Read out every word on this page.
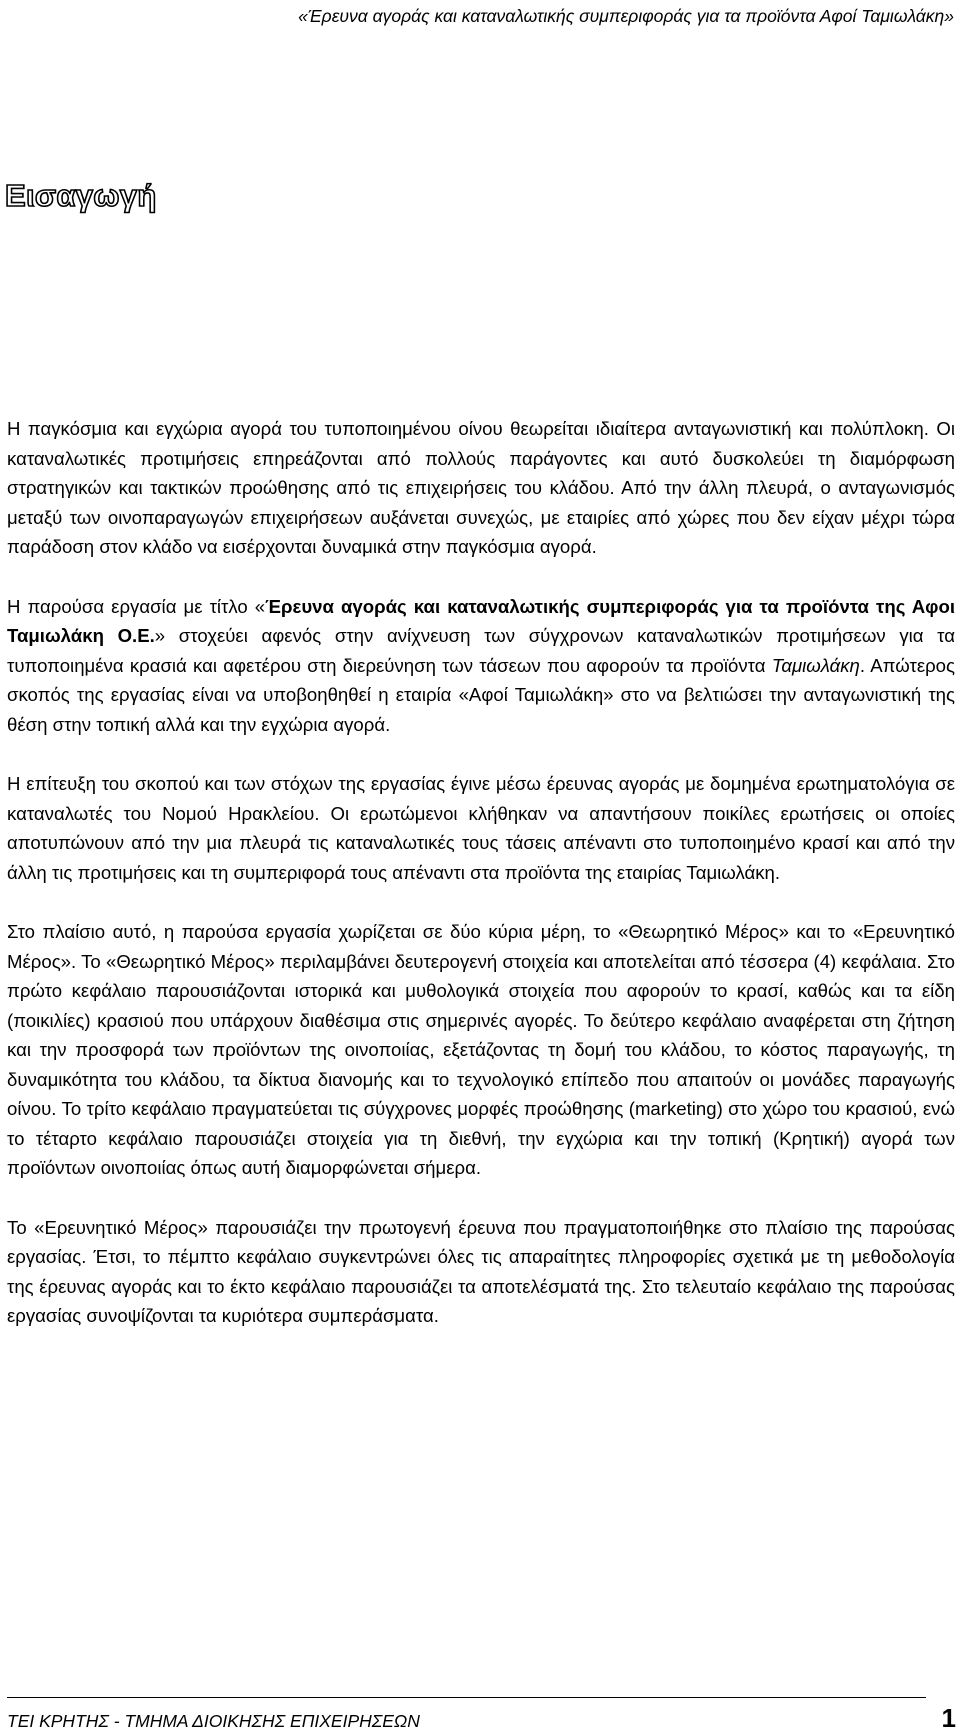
«Έρευνα αγοράς και καταναλωτικής συμπεριφοράς για τα προϊόντα Αφοί Ταμιωλάκη»
Εισαγωγή

Η παγκόσμια και εγχώρια αγορά του τυποποιημένου οίνου θεωρείται ιδιαίτερα ανταγωνιστική και πολύπλοκη. Οι καταναλωτικές προτιμήσεις επηρεάζονται από πολλούς παράγοντες και αυτό δυσκολεύει τη διαμόρφωση στρατηγικών και τακτικών προώθησης από τις επιχειρήσεις του κλάδου. Από την άλλη πλευρά, ο ανταγωνισμός μεταξύ των οινοπαραγωγών επιχειρήσεων αυξάνεται συνεχώς, με εταιρίες από χώρες που δεν είχαν μέχρι τώρα παράδοση στον κλάδο να εισέρχονται δυναμικά στην παγκόσμια αγορά.

Η παρούσα εργασία με τίτλο «Έρευνα αγοράς και καταναλωτικής συμπεριφοράς για τα προϊόντα της Αφοι Ταμιωλάκη Ο.Ε.» στοχεύει αφενός στην ανίχνευση των σύγχρονων καταναλωτικών προτιμήσεων για τα τυποποιημένα κρασιά και αφετέρου στη διερεύνηση των τάσεων που αφορούν τα προϊόντα Ταμιωλάκη. Απώτερος σκοπός της εργασίας είναι να υποβοηθηθεί η εταιρία «Αφοί Ταμιωλάκη» στο να βελτιώσει την ανταγωνιστική της θέση στην τοπική αλλά και την εγχώρια αγορά.

Η επίτευξη του σκοπού και των στόχων της εργασίας έγινε μέσω έρευνας αγοράς με δομημένα ερωτηματολόγια σε καταναλωτές του Νομού Ηρακλείου. Οι ερωτώμενοι κλήθηκαν να απαντήσουν ποικίλες ερωτήσεις οι οποίες αποτυπώνουν από την μια πλευρά τις καταναλωτικές τους τάσεις απέναντι στο τυποποιημένο κρασί και από την άλλη τις προτιμήσεις και τη συμπεριφορά τους απέναντι στα προϊόντα της εταιρίας Ταμιωλάκη.

Στο πλαίσιο αυτό, η παρούσα εργασία χωρίζεται σε δύο κύρια μέρη, το «Θεωρητικό Μέρος» και το «Ερευνητικό Μέρος». Το «Θεωρητικό Μέρος» περιλαμβάνει δευτερογενή στοιχεία και αποτελείται από τέσσερα (4) κεφάλαια. Στο πρώτο κεφάλαιο παρουσιάζονται ιστορικά και μυθολογικά στοιχεία που αφορούν το κρασί, καθώς και τα είδη (ποικιλίες) κρασιού που υπάρχουν διαθέσιμα στις σημερινές αγορές. Το δεύτερο κεφάλαιο αναφέρεται στη ζήτηση και την προσφορά των προϊόντων της οινοποιίας, εξετάζοντας τη δομή του κλάδου, το κόστος παραγωγής, τη δυναμικότητα του κλάδου, τα δίκτυα διανομής και το τεχνολογικό επίπεδο που απαιτούν οι μονάδες παραγωγής οίνου. Το τρίτο κεφάλαιο πραγματεύεται τις σύγχρονες μορφές προώθησης (marketing) στο χώρο του κρασιού, ενώ το τέταρτο κεφάλαιο παρουσιάζει στοιχεία για τη διεθνή, την εγχώρια και την τοπική (Κρητική) αγορά των προϊόντων οινοποιίας όπως αυτή διαμορφώνεται σήμερα.

Το «Ερευνητικό Μέρος» παρουσιάζει την πρωτογενή έρευνα που πραγματοποιήθηκε στο πλαίσιο της παρούσας εργασίας. Έτσι, το πέμπτο κεφάλαιο συγκεντρώνει όλες τις απαραίτητες πληροφορίες σχετικά με τη μεθοδολογία της έρευνας αγοράς και το έκτο κεφάλαιο παρουσιάζει τα αποτελέσματά της. Στο τελευταίο κεφάλαιο της παρούσας εργασίας συνοψίζονται τα κυριότερα συμπεράσματα.

ΤΕΙ ΚΡΗΤΗΣ - ΤΜΗΜΑ ΔΙΟΙΚΗΣΗΣ ΕΠΙΧΕΙΡΗΣΕΩΝ	1
